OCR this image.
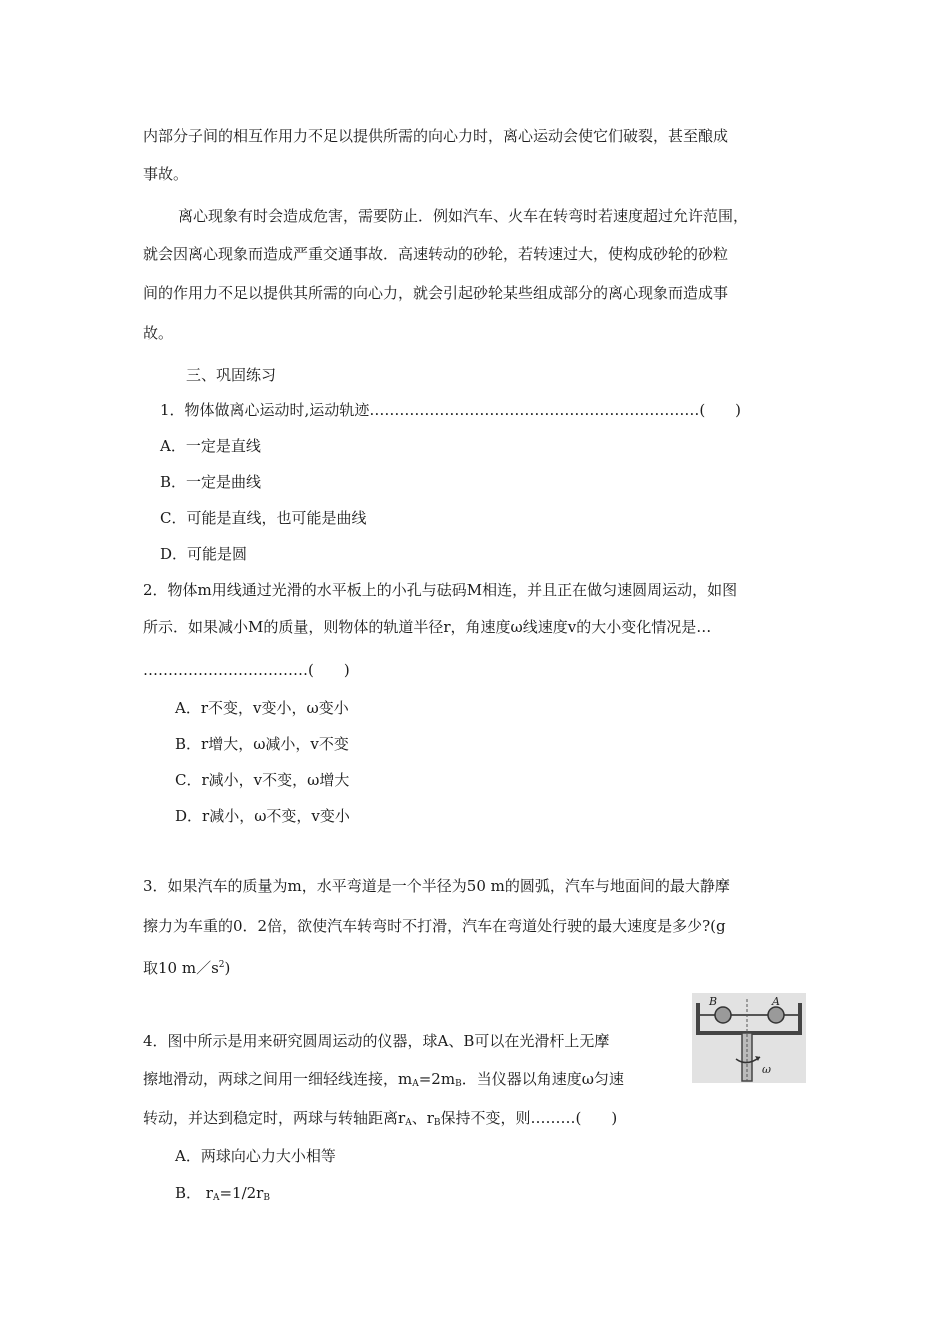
内部分子间的相互作用力不足以提供所需的向心力时，离心运动会使它们破裂，甚至酿成
事故。
离心现象有时会造成危害，需要防止．例如汽车、火车在转弯时若速度超过允许范围，
就会因离心现象而造成严重交通事故．高速转动的砂轮，若转速过大，使构成砂轮的砂粒
间的作用力不足以提供其所需的向心力，就会引起砂轮某些组成部分的离心现象而造成事
故。
三、巩固练习
1．物体做离心运动时,运动轨迹…………………………………………………………(　　)
A．一定是直线
B．一定是曲线
C．可能是直线，也可能是曲线
D．可能是圆
2．物体m用线通过光滑的水平板上的小孔与砝码M相连，并且正在做匀速圆周运动，如图
所示．如果减小M的质量，则物体的轨道半径r，角速度ω线速度v的大小变化情况是…
……………………………(　　)
A．r不变，v变小，ω变小
B．r增大，ω减小，v不变
C．r减小，v不变，ω增大
D．r减小，ω不变，v变小
3．如果汽车的质量为m，水平弯道是一个半径为50 m的圆弧，汽车与地面间的最大静摩
擦力为车重的0．2倍，欲使汽车转弯时不打滑，汽车在弯道处行驶的最大速度是多少?(g
取10 $m/s^2$)
4．图中所示是用来研究圆周运动的仪器，球A、B可以在光滑杆上无摩
擦地滑动，两球之间用一细轻线连接，$m_A=2m_B$．当仪器以角速度ω匀速
转动，并达到稳定时，两球与转轴距离$r_A$、$r_B$保持不变，则………(　　)
A．两球向心力大小相等
B． $r_A=1/2r_B$
B	A
ω
